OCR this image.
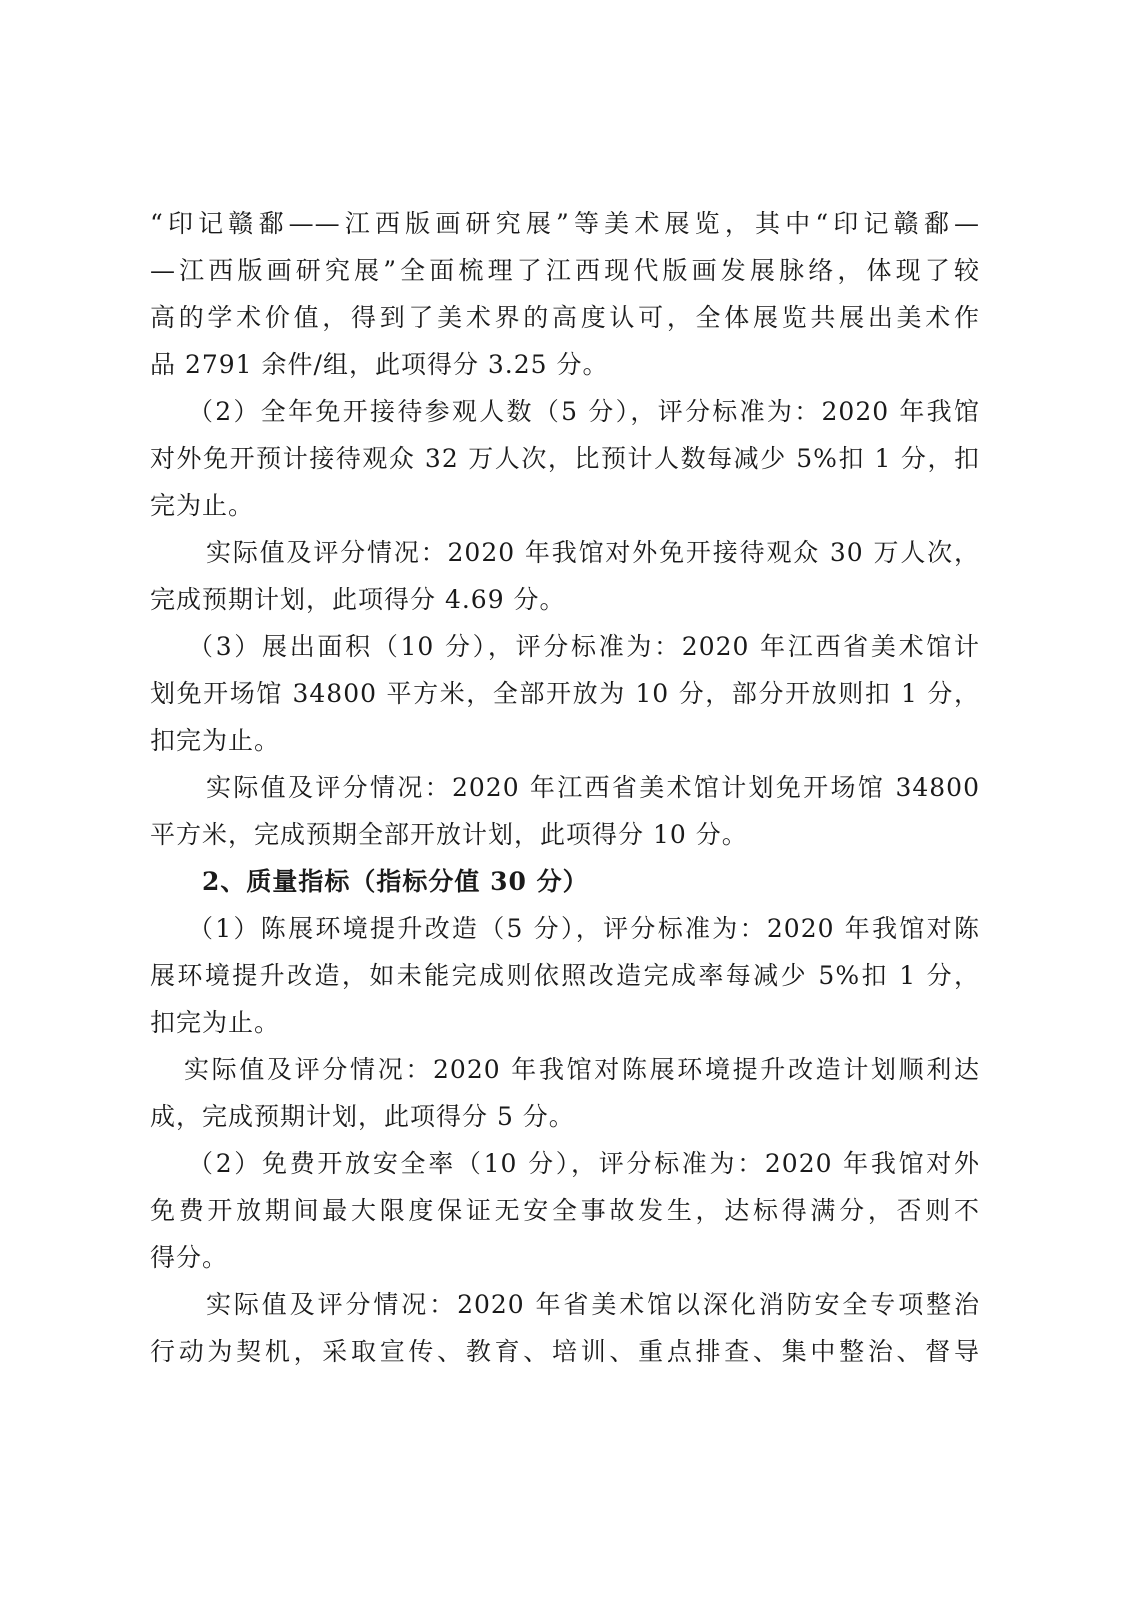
“印记赣鄱——江西版画研究展”等美术展览，其中“印记赣鄱—
—江西版画研究展”全面梳理了江西现代版画发展脉络，体现了较
高的学术价值，得到了美术界的高度认可，全体展览共展出美术作
品 2791 余件/组，此项得分 3.25 分。
（2）全年免开接待参观人数（5 分），评分标准为：2020 年我馆
对外免开预计接待观众 32 万人次，比预计人数每减少 5%扣 1 分，扣
完为止。
实际值及评分情况：2020 年我馆对外免开接待观众 30 万人次，
完成预期计划，此项得分 4.69 分。
（3）展出面积（10 分），评分标准为：2020 年江西省美术馆计
划免开场馆 34800 平方米，全部开放为 10 分，部分开放则扣 1 分，
扣完为止。
实际值及评分情况：2020 年江西省美术馆计划免开场馆 34800
平方米，完成预期全部开放计划，此项得分 10 分。
2、质量指标（指标分值 30 分）
（1）陈展环境提升改造（5 分），评分标准为：2020 年我馆对陈
展环境提升改造，如未能完成则依照改造完成率每减少 5%扣 1 分，
扣完为止。
实际值及评分情况：2020 年我馆对陈展环境提升改造计划顺利达
成，完成预期计划，此项得分 5 分。
（2）免费开放安全率（10 分），评分标准为：2020 年我馆对外
免费开放期间最大限度保证无安全事故发生，达标得满分，否则不
得分。
实际值及评分情况：2020 年省美术馆以深化消防安全专项整治
行动为契机，采取宣传、教育、培训、重点排查、集中整治、督导
